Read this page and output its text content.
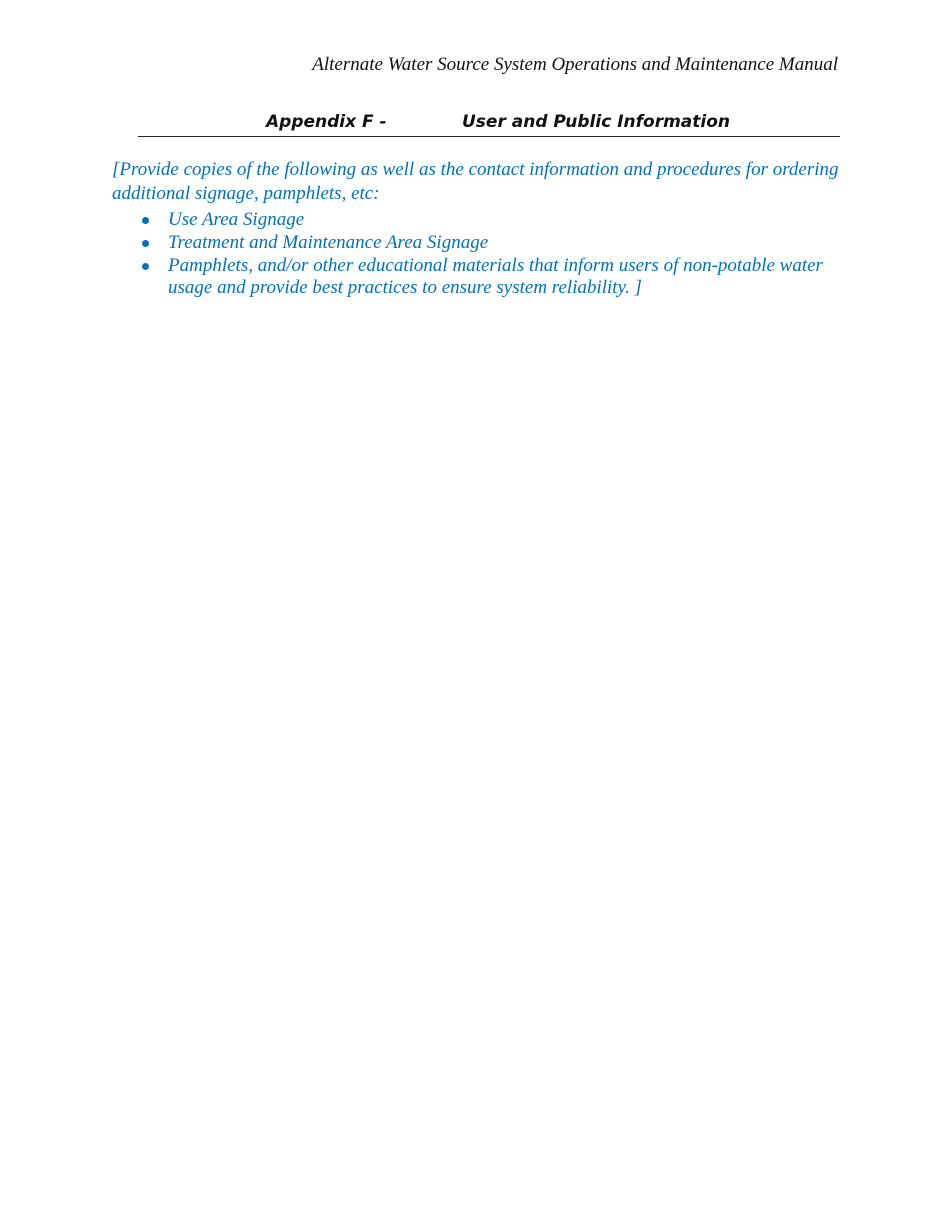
Alternate Water Source System Operations and Maintenance Manual
Appendix F -	User and Public Information

[Provide copies of the following as well as the contact information and procedures for ordering additional signage, pamphlets, etc:

Use Area Signage
Treatment and Maintenance Area Signage
Pamphlets, and/or other educational materials that inform users of non-potable water usage and provide best practices to ensure system reliability. ]
